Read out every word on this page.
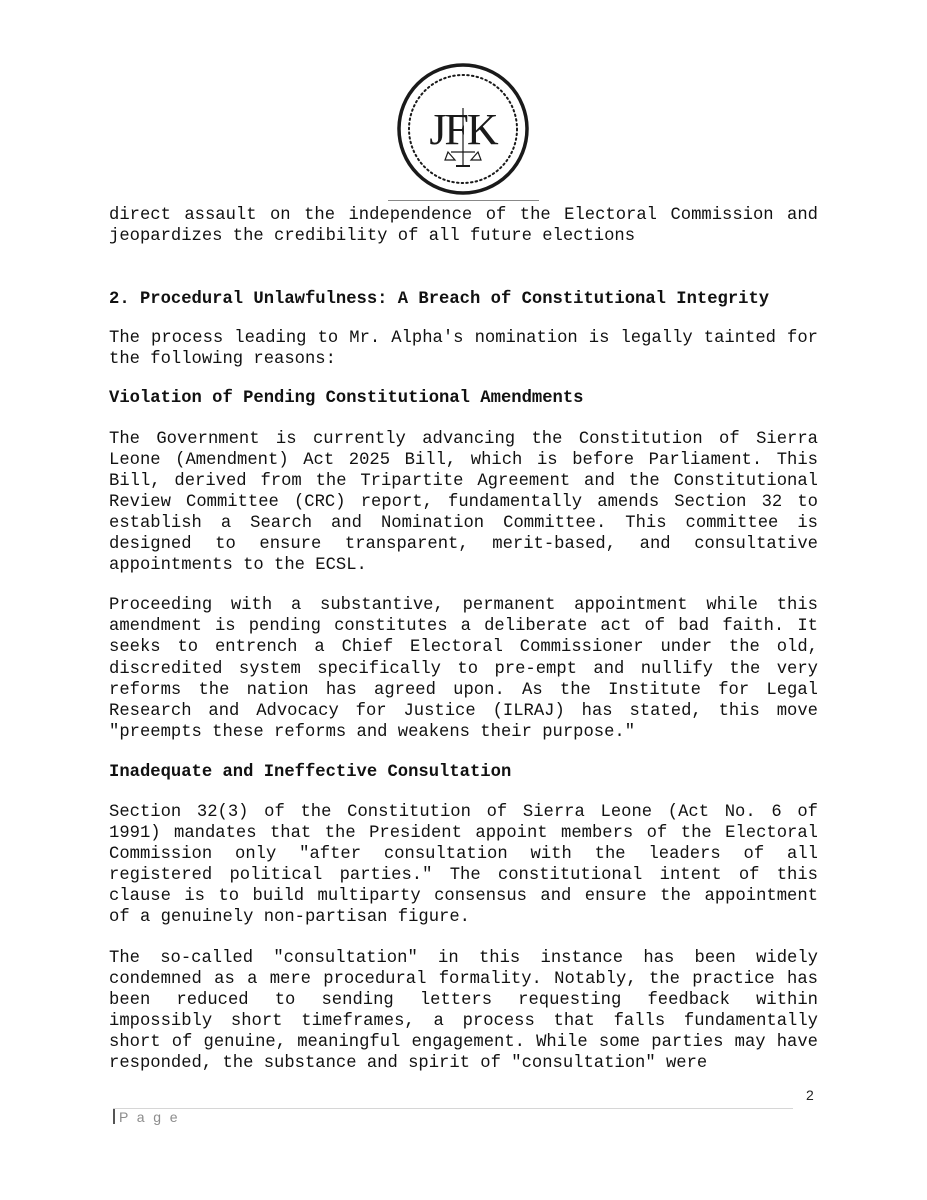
JFK

direct assault on the independence of the Electoral Commission and jeopardizes the credibility of all future elections

2. Procedural Unlawfulness: A Breach of Constitutional Integrity

The process leading to Mr. Alpha's nomination is legally tainted for the following reasons:

Violation of Pending Constitutional Amendments

The Government is currently advancing the Constitution of Sierra Leone (Amendment) Act 2025 Bill, which is before Parliament. This Bill, derived from the Tripartite Agreement and the Constitutional Review Committee (CRC) report, fundamentally amends Section 32 to establish a Search and Nomination Committee. This committee is designed to ensure transparent, merit-based, and consultative appointments to the ECSL.

Proceeding with a substantive, permanent appointment while this amendment is pending constitutes a deliberate act of bad faith. It seeks to entrench a Chief Electoral Commissioner under the old, discredited system specifically to pre-empt and nullify the very reforms the nation has agreed upon. As the Institute for Legal Research and Advocacy for Justice (ILRAJ) has stated, this move "preempts these reforms and weakens their purpose."

Inadequate and Ineffective Consultation

Section 32(3) of the Constitution of Sierra Leone (Act No. 6 of 1991) mandates that the President appoint members of the Electoral Commission only "after consultation with the leaders of all registered political parties." The constitutional intent of this clause is to build multiparty consensus and ensure the appointment of a genuinely non-partisan figure.

The so-called "consultation" in this instance has been widely condemned as a mere procedural formality. Notably, the practice has been reduced to sending letters requesting feedback within impossibly short timeframes, a process that falls fundamentally short of genuine, meaningful engagement. While some parties may have responded, the substance and spirit of "consultation" were

2
P a g e
